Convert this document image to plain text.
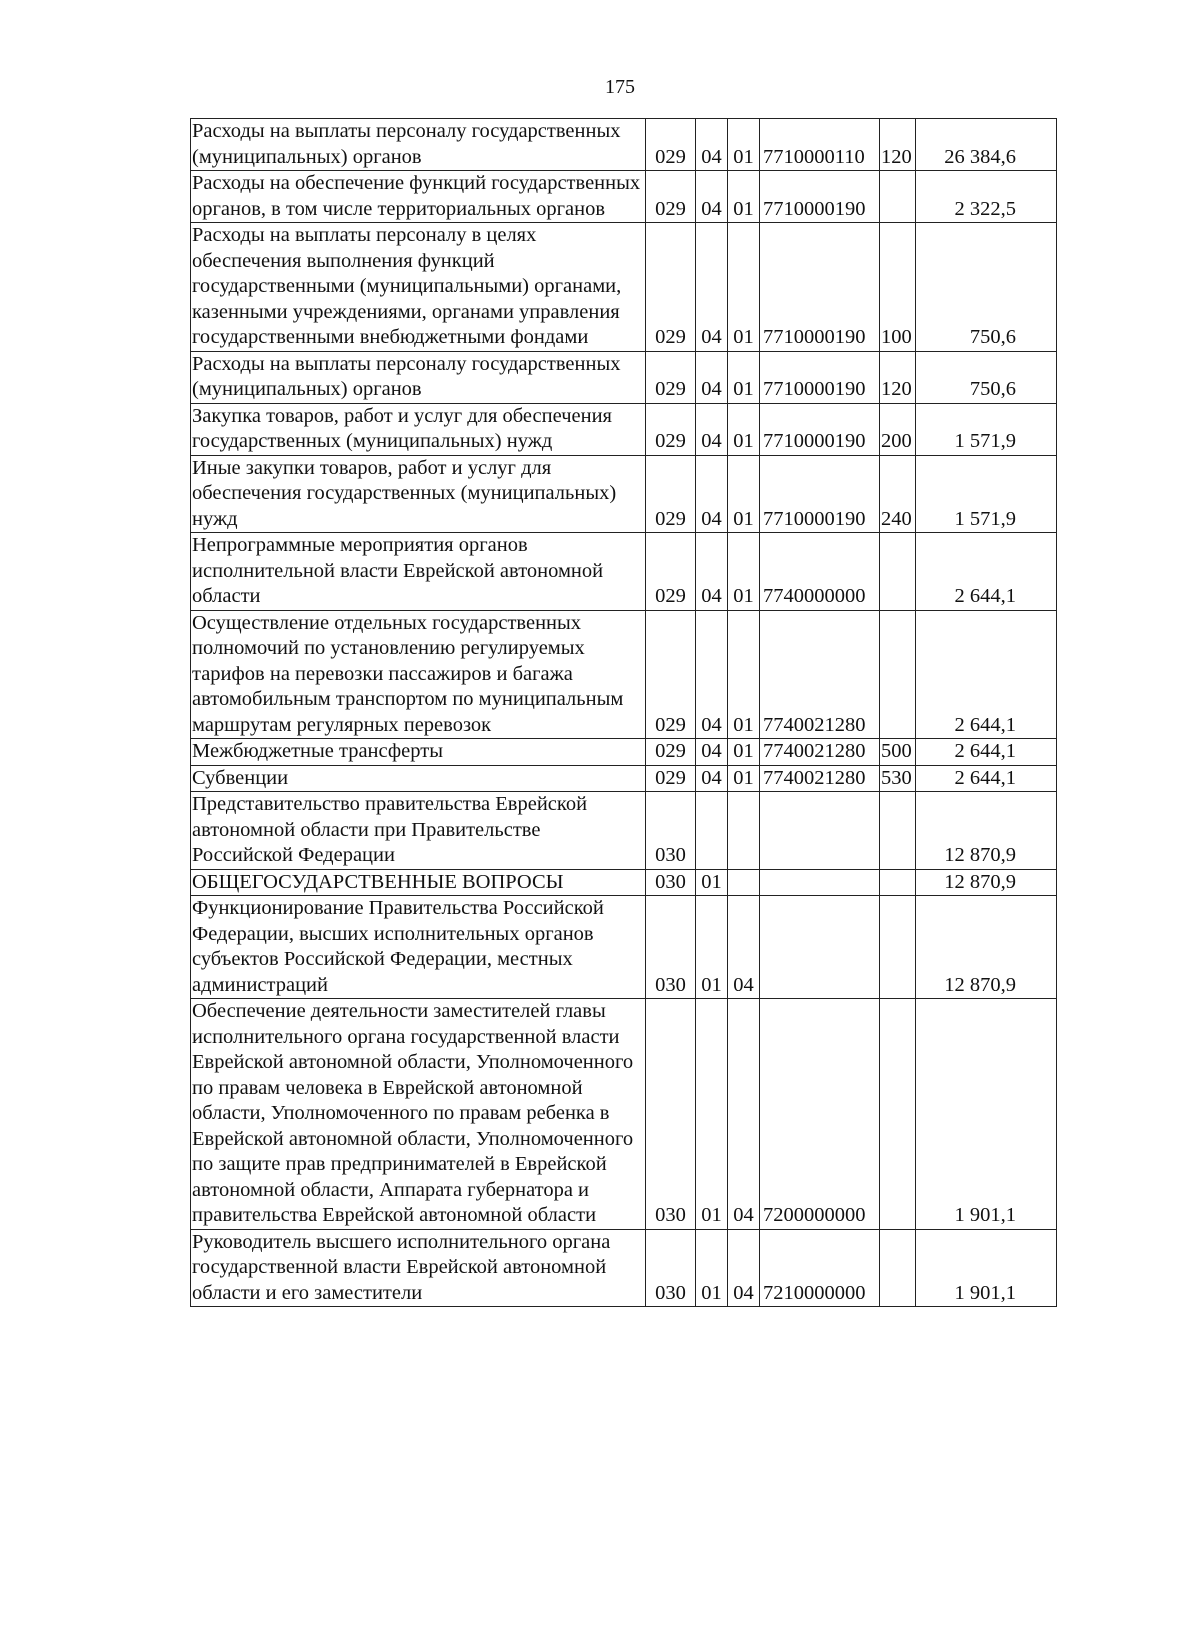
175
Расходы на выплаты персоналу государственных (муниципальных) органов	029	04	01	7710000110	120	26 384,6
Расходы на обеспечение функций государственных органов, в том числе территориальных органов	029	04	01	7710000190		2 322,5
Расходы на выплаты персоналу в целях обеспечения выполнения функций государственными (муниципальными) органами, казенными учреждениями, органами управления государственными внебюджетными фондами	029	04	01	7710000190	100	750,6
Расходы на выплаты персоналу государственных (муниципальных) органов	029	04	01	7710000190	120	750,6
Закупка товаров, работ и услуг для обеспечения государственных (муниципальных) нужд	029	04	01	7710000190	200	1 571,9
Иные закупки товаров, работ и услуг для обеспечения государственных (муниципальных) нужд	029	04	01	7710000190	240	1 571,9
Непрограммные мероприятия органов исполнительной власти Еврейской автономной области	029	04	01	7740000000		2 644,1
Осуществление отдельных государственных полномочий по установлению регулируемых тарифов на перевозки пассажиров и багажа автомобильным транспортом по муниципальным маршрутам регулярных перевозок	029	04	01	7740021280		2 644,1
Межбюджетные трансферты	029	04	01	7740021280	500	2 644,1
Субвенции	029	04	01	7740021280	530	2 644,1
Представительство правительства Еврейской автономной области при Правительстве Российской Федерации	030					12 870,9
ОБЩЕГОСУДАРСТВЕННЫЕ ВОПРОСЫ	030	01				12 870,9
Функционирование Правительства Российской Федерации, высших исполнительных органов субъектов Российской Федерации, местных администраций	030	01	04			12 870,9
Обеспечение деятельности заместителей главы исполнительного органа государственной власти Еврейской автономной области, Уполномоченного по правам человека в Еврейской автономной области, Уполномоченного по правам ребенка в Еврейской автономной области, Уполномоченного по защите прав предпринимателей в Еврейской автономной области, Аппарата губернатора и правительства Еврейской автономной области	030	01	04	7200000000		1 901,1
Руководитель высшего исполнительного органа государственной власти Еврейской автономной области и его заместители	030	01	04	7210000000		1 901,1
